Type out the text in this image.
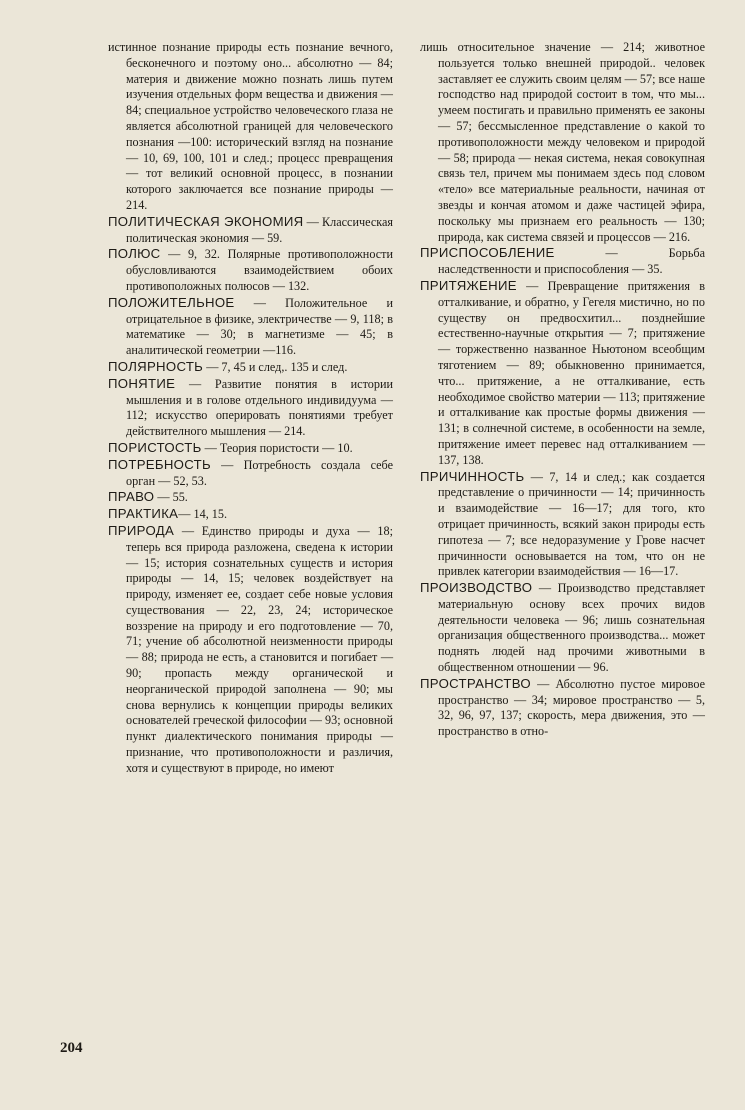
истинное познание природы есть познание вечного, бесконечного и поэтому оно... абсолютно — 84; материя и движение можно познать лишь путем изучения отдельных форм вещества и движения — 84; специальное устройство человеческого глаза не является абсолютной границей для человеческого познания —100: исторический взгляд на познание — 10, 69, 100, 101 и след.; процесс превращения — тот великий основной процесс, в познании которого заключается все познание природы — 214.

ПОЛИТИЧЕСКАЯ ЭКОНОМИЯ — Классическая политическая экономия — 59.

ПОЛЮС — 9, 32. Полярные противоположности обусловливаются взаимодействием обоих противоположных полюсов — 132.

ПОЛОЖИТЕЛЬНОЕ — Положительное и отрицательное в физике, электричестве — 9, 118; в математике — 30; в магнетизме — 45; в аналитической геометрии —116.

ПОЛЯРНОСТЬ — 7, 45 и след,. 135 и след.

ПОНЯТИЕ — Развитие понятия в истории мышления и в голове отдельного индивидуума — 112; искусство оперировать понятиями требует действителного мышления — 214.

ПОРИСТОСТЬ — Теория пористости — 10.

ПОТРЕБНОСТЬ — Потребность создала себе орган — 52, 53.

ПРАВО — 55.

ПРАКТИКА— 14, 15.

ПРИРОДА — Единство природы и духа — 18; теперь вся природа разложена, сведена к истории — 15; история сознательных существ и история природы — 14, 15; человек воздействует на природу, изменяет ее, создает себе новые условия существования — 22, 23, 24; историческое воззрение на природу и его подготовление — 70, 71; учение об абсолютной неизменности природы — 88; природа не есть, а становится и погибает — 90; пропасть между органической и неорганической природой заполнена — 90; мы снова вернулись к концепции природы великих основателей греческой философии — 93; основной пункт диалектического понимания природы — признание, что противоположности и различия, хотя и существуют в природе, но имеют

лишь относительное значение — 214; животное пользуется только внешней природой.. человек заставляет ее служить своим целям — 57; все наше господство над природой состоит в том, что мы... умеем постигать и правильно применять ее законы — 57; бессмысленное представление о какой то противоположности между человеком и природой — 58; природа — некая система, некая совокупная связь тел, причем мы понимаем здесь под словом «тело» все материальные реальности, начиная от звезды и кончая атомом и даже частицей эфира, поскольку мы признаем его реальность — 130; природа, как система связей и процессов — 216.

ПРИСПОСОБЛЕНИЕ — Борьба наследственности и приспособления — 35.

ПРИТЯЖЕНИЕ — Превращение притяжения в отталкивание, и обратно, у Гегеля мистично, но по существу он предвосхитил... позднейшие естественно-научные открытия — 7; притяжение — торжественно названное Ньютоном всеобщим тяготением — 89; обыкновенно принимается, что... притяжение, а не отталкивание, есть необходимое свойство материи — 113; притяжение и отталкивание как простые формы движения — 131; в солнечной системе, в особенности на земле, притяжение имеет перевес над отталкиванием — 137, 138.

ПРИЧИННОСТЬ — 7, 14 и след.; как создается представление о причинности — 14; причинность и взаимодействие — 16—17; для того, кто отрицает причинность, всякий закон природы есть гипотеза — 7; все недоразумение у Грове насчет причинности основывается на том, что он не привлек категории взаимодействия — 16—17.

ПРОИЗВОДСТВО — Производство представляет материальную основу всех прочих видов деятельности человека — 96; лишь сознательная организация общественного производства... может поднять людей над прочими животными в общественном отношении — 96.

ПРОСТРАНСТВО — Абсолютно пустое мировое пространство — 34; мировое пространство — 5, 32, 96, 97, 137; скорость, мера движения, это — пространство в отно-

204
